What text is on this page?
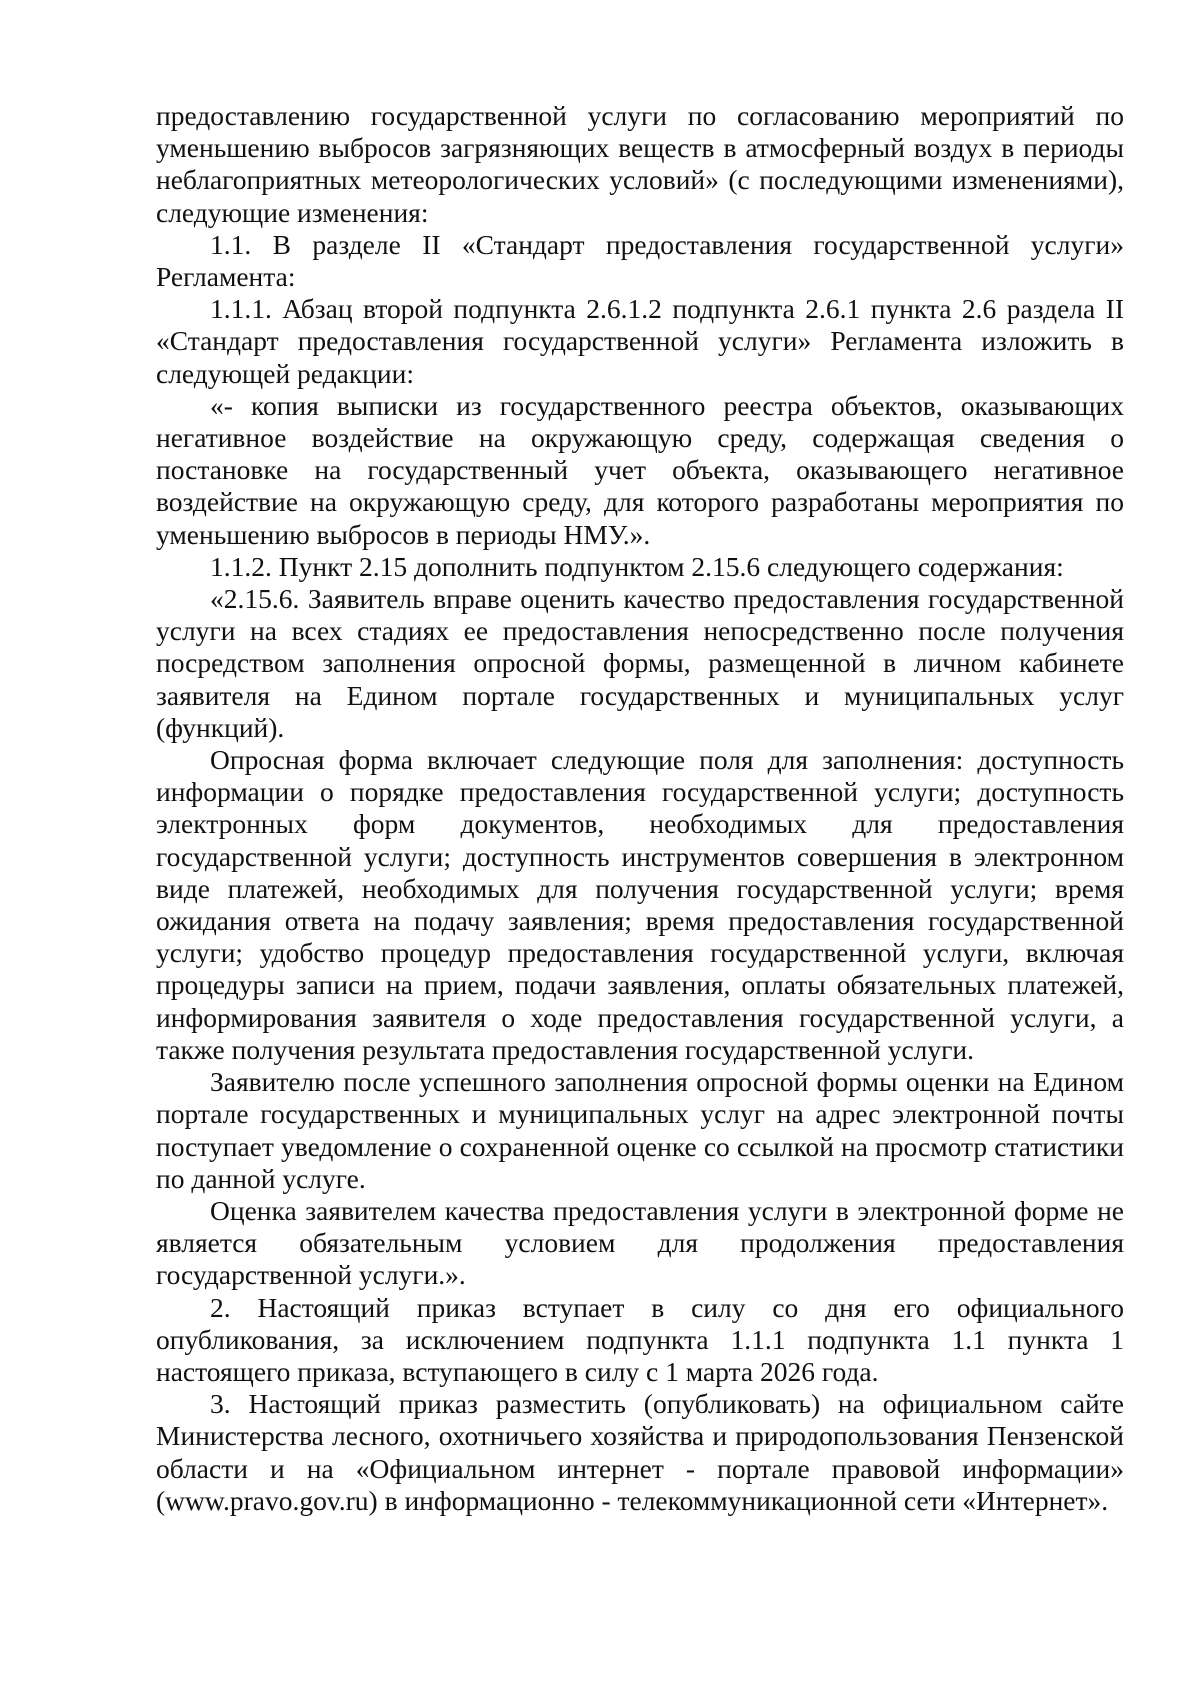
предоставлению государственной услуги по согласованию мероприятий по уменьшению выбросов загрязняющих веществ в атмосферный воздух в периоды неблагоприятных метеорологических условий» (с последующими изменениями), следующие изменения:

1.1. В разделе II «Стандарт предоставления государственной услуги» Регламента:

1.1.1. Абзац второй подпункта 2.6.1.2 подпункта 2.6.1 пункта 2.6 раздела II «Стандарт предоставления государственной услуги» Регламента изложить в следующей редакции:

«- копия выписки из государственного реестра объектов, оказывающих негативное воздействие на окружающую среду, содержащая сведения о постановке на государственный учет объекта, оказывающего негативное воздействие на окружающую среду, для которого разработаны мероприятия по уменьшению выбросов в периоды НМУ.».

1.1.2. Пункт 2.15 дополнить подпунктом 2.15.6 следующего содержания:

«2.15.6. Заявитель вправе оценить качество предоставления государственной услуги на всех стадиях ее предоставления непосредственно после получения посредством заполнения опросной формы, размещенной в личном кабинете заявителя на Едином портале государственных и муниципальных услуг (функций).

Опросная форма включает следующие поля для заполнения: доступность информации о порядке предоставления государственной услуги; доступность электронных форм документов, необходимых для предоставления государственной услуги; доступность инструментов совершения в электронном виде платежей, необходимых для получения государственной услуги; время ожидания ответа на подачу заявления; время предоставления государственной услуги; удобство процедур предоставления государственной услуги, включая процедуры записи на прием, подачи заявления, оплаты обязательных платежей, информирования заявителя о ходе предоставления государственной услуги, а также получения результата предоставления государственной услуги.

Заявителю после успешного заполнения опросной формы оценки на Едином портале государственных и муниципальных услуг на адрес электронной почты поступает уведомление о сохраненной оценке со ссылкой на просмотр статистики по данной услуге.

Оценка заявителем качества предоставления услуги в электронной форме не является обязательным условием для продолжения предоставления государственной услуги.».

2. Настоящий приказ вступает в силу со дня его официального опубликования, за исключением подпункта 1.1.1 подпункта 1.1 пункта 1 настоящего приказа, вступающего в силу с 1 марта 2026 года.

3. Настоящий приказ разместить (опубликовать) на официальном сайте Министерства лесного, охотничьего хозяйства и природопользования Пензенской области и на «Официальном интернет - портале правовой информации» (www.pravo.gov.ru) в информационно - телекоммуникационной сети «Интернет».
